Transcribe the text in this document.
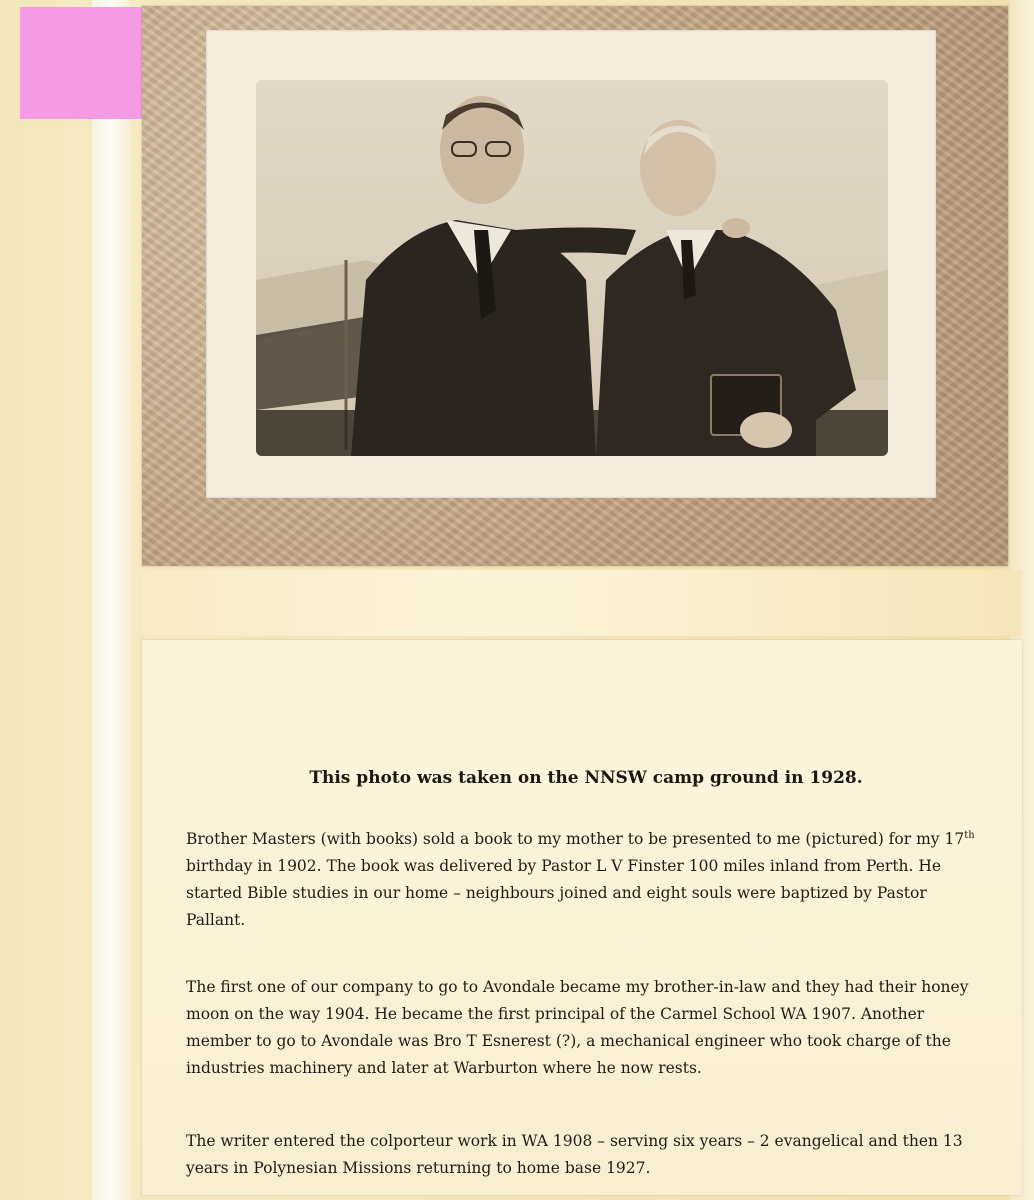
This photo was taken on the NNSW camp ground in 1928.

Brother Masters (with books) sold a book to my mother to be presented to me (pictured) for my 17th birthday in 1902. The book was delivered by Pastor L V Finster 100 miles inland from Perth. He started Bible studies in our home – neighbours joined and eight souls were baptized by Pastor Pallant.

The first one of our company to go to Avondale became my brother-in-law and they had their honey moon on the way 1904. He became the first principal of the Carmel School WA 1907. Another member to go to Avondale was Bro T Esnerest (?), a mechanical engineer who took charge of the industries machinery and later at Warburton where he now rests.

The writer entered the colporteur work in WA 1908 – serving six years – 2 evangelical and then 13 years in Polynesian Missions returning to home base 1927.
